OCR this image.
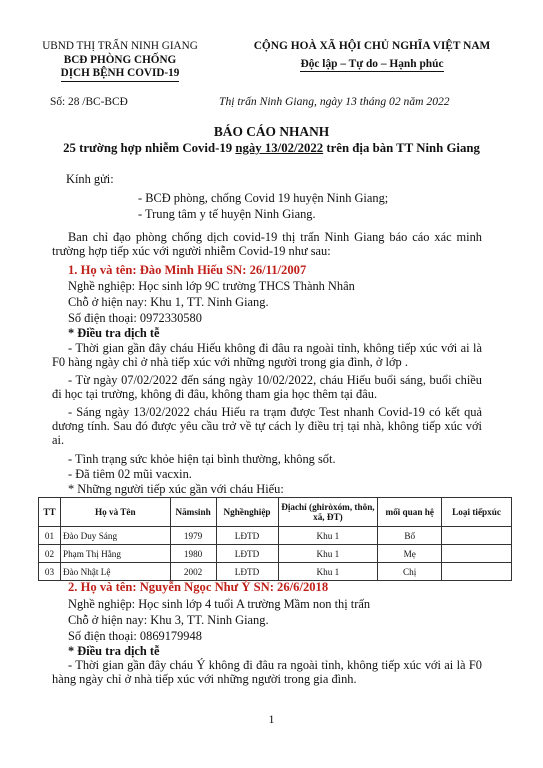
UBND THỊ TRẤN NINH GIANG
BCĐ PHÒNG CHỐNG
DỊCH BỆNH COVID-19
Số: 28 /BC-BCĐ
CỘNG HOÀ XÃ HỘI CHỦ NGHĨA VIỆT NAM
Độc lập – Tự do – Hạnh phúc
Thị trấn Ninh Giang, ngày 13 tháng 02 năm 2022
BÁO CÁO NHANH
25 trường hợp nhiễm Covid-19 ngày 13/02/2022 trên địa bàn TT Ninh Giang
Kính gửi:
- BCĐ phòng, chống Covid 19 huyện Ninh Giang;
- Trung tâm y tế huyện Ninh Giang.
Ban chỉ đạo phòng chống dịch covid-19 thị trấn Ninh Giang báo cáo xác minh trường hợp tiếp xúc với người nhiễm Covid-19 như sau:
1. Họ và tên: Đào Minh Hiếu SN: 26/11/2007
Nghề nghiệp: Học sinh lớp 9C trường THCS Thành Nhân
Chỗ ở hiện nay: Khu 1, TT. Ninh Giang.
Số điện thoại: 0972330580
* Điều tra dịch tễ
- Thời gian gần đây cháu Hiếu không đi đâu ra ngoài tỉnh, không tiếp xúc với ai là F0 hàng ngày chỉ ở nhà tiếp xúc với những người trong gia đình, ở lớp .
- Từ ngày 07/02/2022 đến sáng ngày 10/02/2022, cháu Hiếu buổi sáng, buổi chiều đi học tại trường, không đi đâu, không tham gia học thêm tại đâu.
- Sáng ngày 13/02/2022 cháu Hiếu ra trạm được Test nhanh Covid-19 có kết quả dương tính. Sau đó được yêu cầu trở về tự cách ly điều trị tại nhà, không tiếp xúc với ai.
- Tình trạng sức khỏe hiện tại bình thường, không sốt.
- Đã tiêm 02 mũi vacxin.
* Những người tiếp xúc gần với cháu Hiếu:
TT	Họ và Tên	Nămsinh	Nghềnghiệp	Địachỉ (ghiròxóm, thôn, xã, ĐT)	mối quan hệ	Loại tiếpxúc
01	Đào Duy Sáng	1979	LĐTD	Khu 1	Bố	
02	Phạm Thị Hằng	1980	LĐTD	Khu 1	Mẹ	
03	Đào Nhật Lệ	2002	LĐTD	Khu 1	Chị	
2. Họ và tên: Nguyễn Ngọc Như Ý SN: 26/6/2018
Nghề nghiệp: Học sinh lớp 4 tuổi A trường Mầm non thị trấn
Chỗ ở hiện nay: Khu 3, TT. Ninh Giang.
Số điện thoại: 0869179948
* Điều tra dịch tễ
- Thời gian gần đây cháu Ý không đi đâu ra ngoài tỉnh, không tiếp xúc với ai là F0 hàng ngày chỉ ở nhà tiếp xúc với những người trong gia đình.
1
